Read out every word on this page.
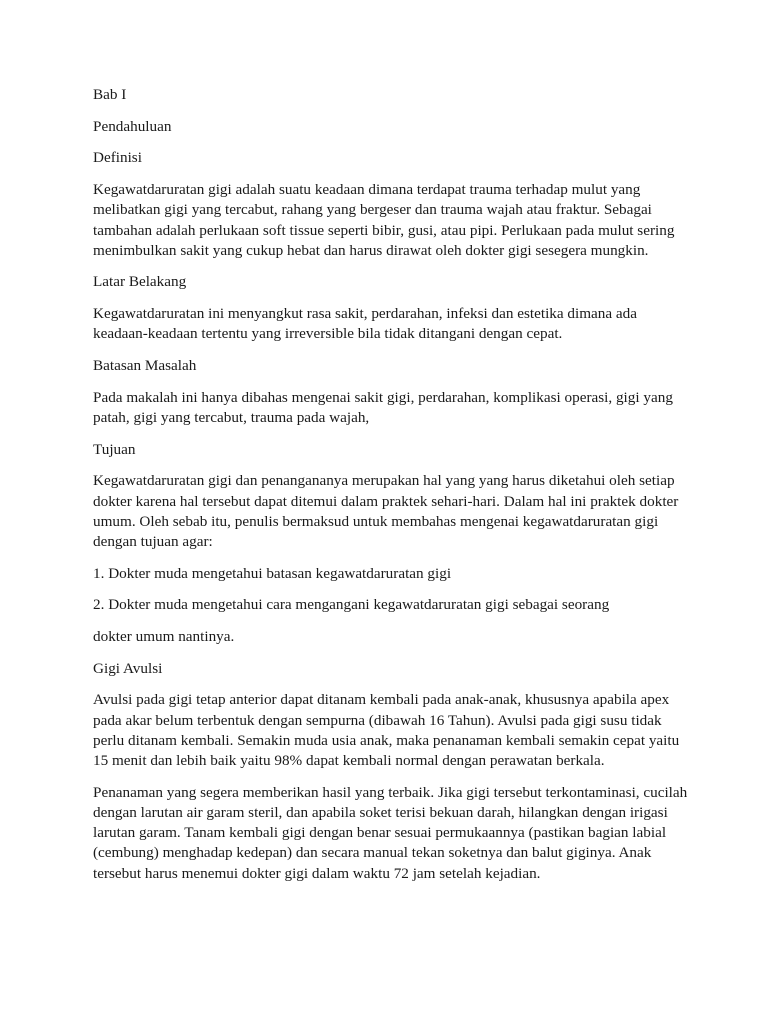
Bab I

Pendahuluan

Definisi

Kegawatdaruratan gigi adalah suatu keadaan dimana terdapat trauma terhadap mulut yang melibatkan gigi yang tercabut, rahang yang bergeser dan trauma wajah atau fraktur. Sebagai tambahan adalah perlukaan soft tissue seperti bibir, gusi, atau pipi. Perlukaan pada mulut sering menimbulkan sakit yang cukup hebat dan harus dirawat oleh dokter gigi sesegera mungkin.

Latar Belakang

Kegawatdaruratan ini menyangkut rasa sakit, perdarahan, infeksi dan estetika dimana ada keadaan-keadaan tertentu yang irreversible bila tidak ditangani dengan cepat.

Batasan Masalah

Pada makalah ini hanya dibahas mengenai sakit gigi, perdarahan, komplikasi operasi, gigi yang patah, gigi yang tercabut, trauma pada wajah,

Tujuan

Kegawatdaruratan gigi dan penangananya merupakan hal yang yang harus diketahui oleh setiap dokter karena hal tersebut dapat ditemui dalam praktek sehari-hari. Dalam hal ini praktek dokter umum. Oleh sebab itu, penulis bermaksud untuk membahas mengenai kegawatdaruratan gigi dengan tujuan agar:

1. Dokter muda mengetahui batasan kegawatdaruratan gigi

2. Dokter muda mengetahui cara mengangani kegawatdaruratan gigi sebagai seorang

dokter umum nantinya.

Gigi Avulsi

Avulsi pada gigi tetap anterior dapat ditanam kembali pada anak-anak, khususnya apabila apex pada akar belum terbentuk dengan sempurna (dibawah 16 Tahun). Avulsi pada gigi susu tidak perlu ditanam kembali. Semakin muda usia anak, maka penanaman kembali semakin cepat yaitu 15 menit dan lebih baik yaitu 98% dapat kembali normal dengan perawatan berkala.

Penanaman yang segera memberikan hasil yang terbaik. Jika gigi tersebut terkontaminasi, cucilah dengan larutan air garam steril, dan apabila soket terisi bekuan darah, hilangkan dengan irigasi larutan garam. Tanam kembali gigi dengan benar sesuai permukaannya (pastikan bagian labial (cembung) menghadap kedepan) dan secara manual tekan soketnya dan balut giginya. Anak tersebut harus menemui dokter gigi dalam waktu 72 jam setelah kejadian.
